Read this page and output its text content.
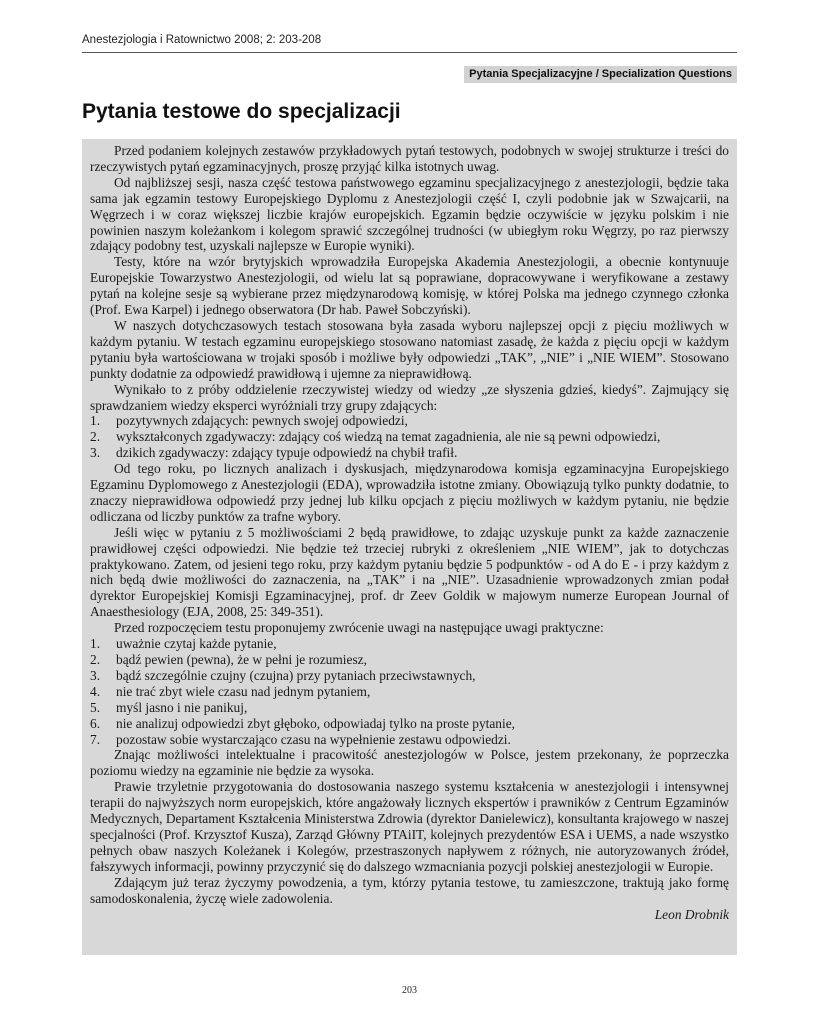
Anestezjologia i Ratownictwo 2008; 2: 203-208
Pytania Specjalizacyjne / Specialization Questions
Pytania testowe do specjalizacji

Przed podaniem kolejnych zestawów przykładowych pytań testowych, podobnych w swojej strukturze i treści do rzeczywistych pytań egzaminacyjnych, proszę przyjąć kilka istotnych uwag.

Od najbliższej sesji, nasza część testowa państwowego egzaminu specjalizacyjnego z anestezjologii, będzie taka sama jak egzamin testowy Europejskiego Dyplomu z Anestezjologii część I, czyli podobnie jak w Szwajcarii, na Węgrzech i w coraz większej liczbie krajów europejskich. Egzamin będzie oczywiście w języku polskim i nie powinien naszym koleżankom i kolegom sprawić szczególnej trudności (w ubiegłym roku Węgrzy, po raz pierwszy zdający podobny test, uzyskali najlepsze w Europie wyniki).

Testy, które na wzór brytyjskich wprowadziła Europejska Akademia Anestezjologii, a obecnie kontynuuje Europejskie Towarzystwo Anestezjologii, od wielu lat są poprawiane, dopracowywane i weryfikowane a zestawy pytań na kolejne sesje są wybierane przez międzynarodową komisję, w której Polska ma jednego czynnego członka (Prof. Ewa Karpel) i jednego obserwatora (Dr hab. Paweł Sobczyński).

W naszych dotychczasowych testach stosowana była zasada wyboru najlepszej opcji z pięciu możliwych w każdym pytaniu. W testach egzaminu europejskiego stosowano natomiast zasadę, że każda z pięciu opcji w każdym pytaniu była wartościowana w trojaki sposób i możliwe były odpowiedzi „TAK”, „NIE” i „NIE WIEM”. Stosowano punkty dodatnie za odpowiedź prawidłową i ujemne za nieprawidłową.

Wynikało to z próby oddzielenie rzeczywistej wiedzy od wiedzy „ze słyszenia gdzieś, kiedyś”. Zajmujący się sprawdzaniem wiedzy eksperci wyróżniali trzy grupy zdających:

1.	pozytywnych zdających: pewnych swojej odpowiedzi,
2.	wykształconych zgadywaczy: zdający coś wiedzą na temat zagadnienia, ale nie są pewni odpowiedzi,
3.	dzikich zgadywaczy: zdający typuje odpowiedź na chybił trafił.

Od tego roku, po licznych analizach i dyskusjach, międzynarodowa komisja egzaminacyjna Europejskiego Egzaminu Dyplomowego z Anestezjologii (EDA), wprowadziła istotne zmiany. Obowiązują tylko punkty dodatnie, to znaczy nieprawidłowa odpowiedź przy jednej lub kilku opcjach z pięciu możliwych w każdym pytaniu, nie będzie odliczana od liczby punktów za trafne wybory.

Jeśli więc w pytaniu z 5 możliwościami 2 będą prawidłowe, to zdając uzyskuje punkt za każde zaznaczenie prawidłowej części odpowiedzi. Nie będzie też trzeciej rubryki z określeniem „NIE WIEM”, jak to dotychczas praktykowano. Zatem, od jesieni tego roku, przy każdym pytaniu będzie 5 podpunktów - od A do E - i przy każdym z nich będą dwie możliwości do zaznaczenia, na „TAK” i na „NIE”. Uzasadnienie wprowadzonych zmian podał dyrektor Europejskiej Komisji Egzaminacyjnej, prof. dr Zeev Goldik w majowym numerze European Journal of Anaesthesiology (EJA, 2008, 25: 349-351).

Przed rozpoczęciem testu proponujemy zwrócenie uwagi na następujące uwagi praktyczne:

1.	uważnie czytaj każde pytanie,
2.	bądź pewien (pewna), że w pełni je rozumiesz,
3.	bądź szczególnie czujny (czujna) przy pytaniach przeciwstawnych,
4.	nie trać zbyt wiele czasu nad jednym pytaniem,
5.	myśl jasno i nie panikuj,
6.	nie analizuj odpowiedzi zbyt głęboko, odpowiadaj tylko na proste pytanie,
7.	pozostaw sobie wystarczająco czasu na wypełnienie zestawu odpowiedzi.

Znając możliwości intelektualne i pracowitość anestezjologów w Polsce, jestem przekonany, że poprzeczka poziomu wiedzy na egzaminie nie będzie za wysoka.

Prawie trzyletnie przygotowania do dostosowania naszego systemu kształcenia w anestezjologii i intensywnej terapii do najwyższych norm europejskich, które angażowały licznych ekspertów i prawników z Centrum Egzaminów Medycznych, Departament Kształcenia Ministerstwa Zdrowia (dyrektor Danielewicz), konsultanta krajowego w naszej specjalności (Prof. Krzysztof Kusza), Zarząd Główny PTAiIT, kolejnych prezydentów ESA i UEMS, a nade wszystko pełnych obaw naszych Koleżanek i Kolegów, przestraszonych napływem z różnych, nie autoryzowanych źródeł, fałszywych informacji, powinny przyczynić się do dalszego wzmacniania pozycji polskiej anestezjologii w Europie.

Zdającym już teraz życzymy powodzenia, a tym, którzy pytania testowe, tu zamieszczone, traktują jako formę samodoskonalenia, życzę wiele zadowolenia.

Leon Drobnik

203
